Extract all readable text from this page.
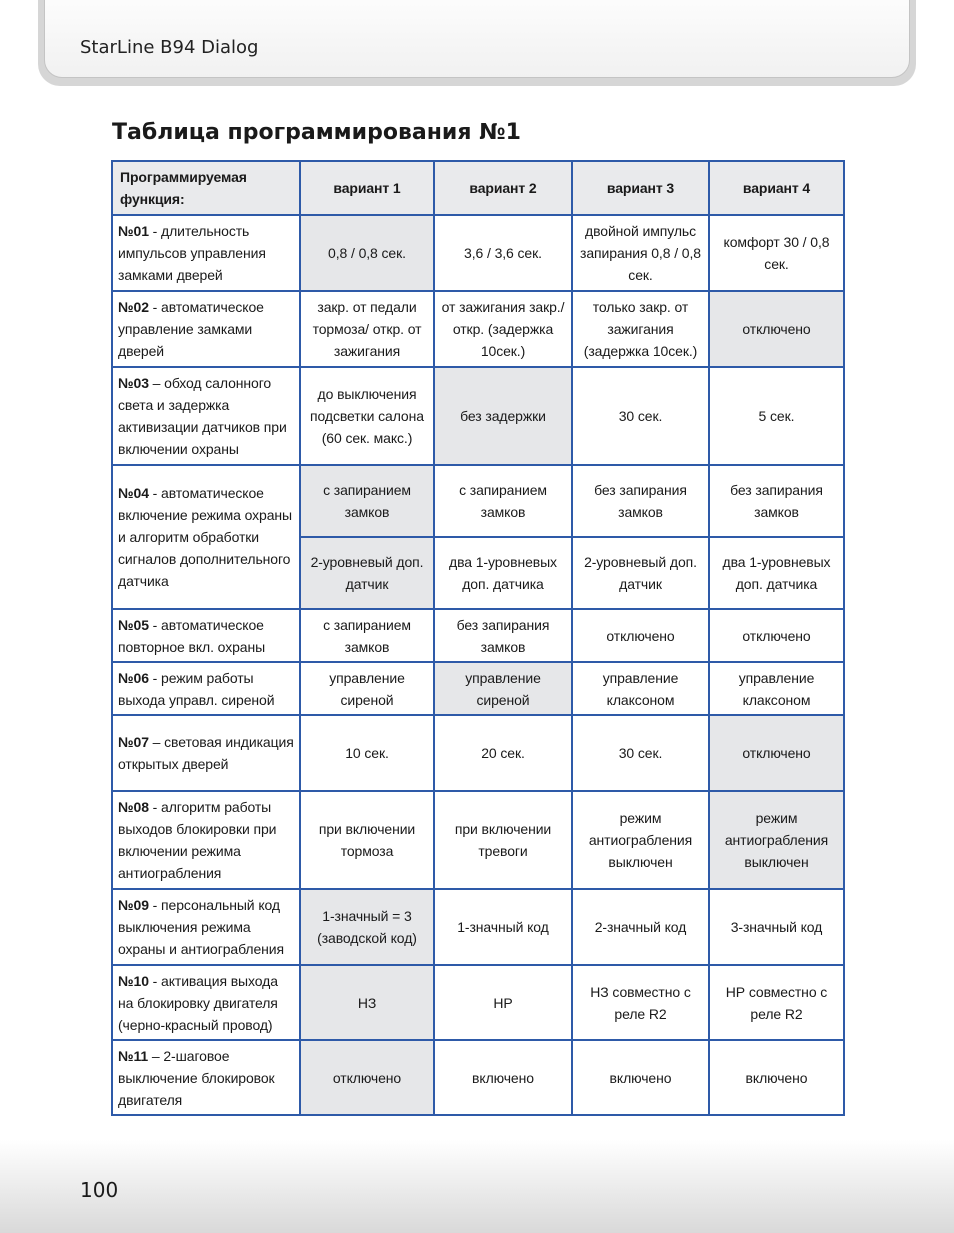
StarLine B94 Dialog
Таблица программирования №1
Программируемая функция:	вариант 1	вариант 2	вариант 3	вариант 4
№01 - длительность импульсов управления замками дверей	0,8 / 0,8 сек.	3,6 / 3,6 сек.	двойной импульс запирания 0,8 / 0,8 сек.	комфорт 30 / 0,8 сек.
№02 - автоматическое управление замками дверей	закр. от педали тормоза/ откр. от зажигания	от зажигания закр./откр. (задержка 10сек.)	только закр. от зажигания (задержка 10сек.)	отключено
№03 – обход салонного света и задержка активизации датчиков при включении охраны	до выключения подсветки салона (60 сек. макс.)	без задержки	30 сек.	5 сек.
№04 - автоматическое включение режима охраны и алгоритм обработки сигналов дополнительного датчика	с запиранием замков	с запиранием замков	без запирания замков	без запирания замков
	2-уровневый доп. датчик	два 1-уровневых доп. датчика	2-уровневый доп. датчик	два 1-уровневых доп. датчика
№05 - автоматическое повторное вкл. охраны	с запиранием замков	без запирания замков	отключено	отключено
№06 - режим работы выхода управл. сиреной	управление сиреной	управление сиреной	управление клаксоном	управление клаксоном
№07 – световая индикация открытых дверей	10 сек.	20 сек.	30 сек.	отключено
№08 - алгоритм работы выходов блокировки при включении режима антиограбления	при включении тормоза	при включении тревоги	режим антиограбления выключен	режим антиограбления выключен
№09 - персональный код выключения режима охраны и антиограбления	1-значный = 3 (заводской код)	1-значный код	2-значный код	3-значный код
№10 - активация выхода на блокировку двигателя (черно-красный провод)	НЗ	НР	НЗ совместно с реле R2	НР совместно с реле R2
№11 – 2-шаговое выключение блокировок двигателя	отключено	включено	включено	включено
100
